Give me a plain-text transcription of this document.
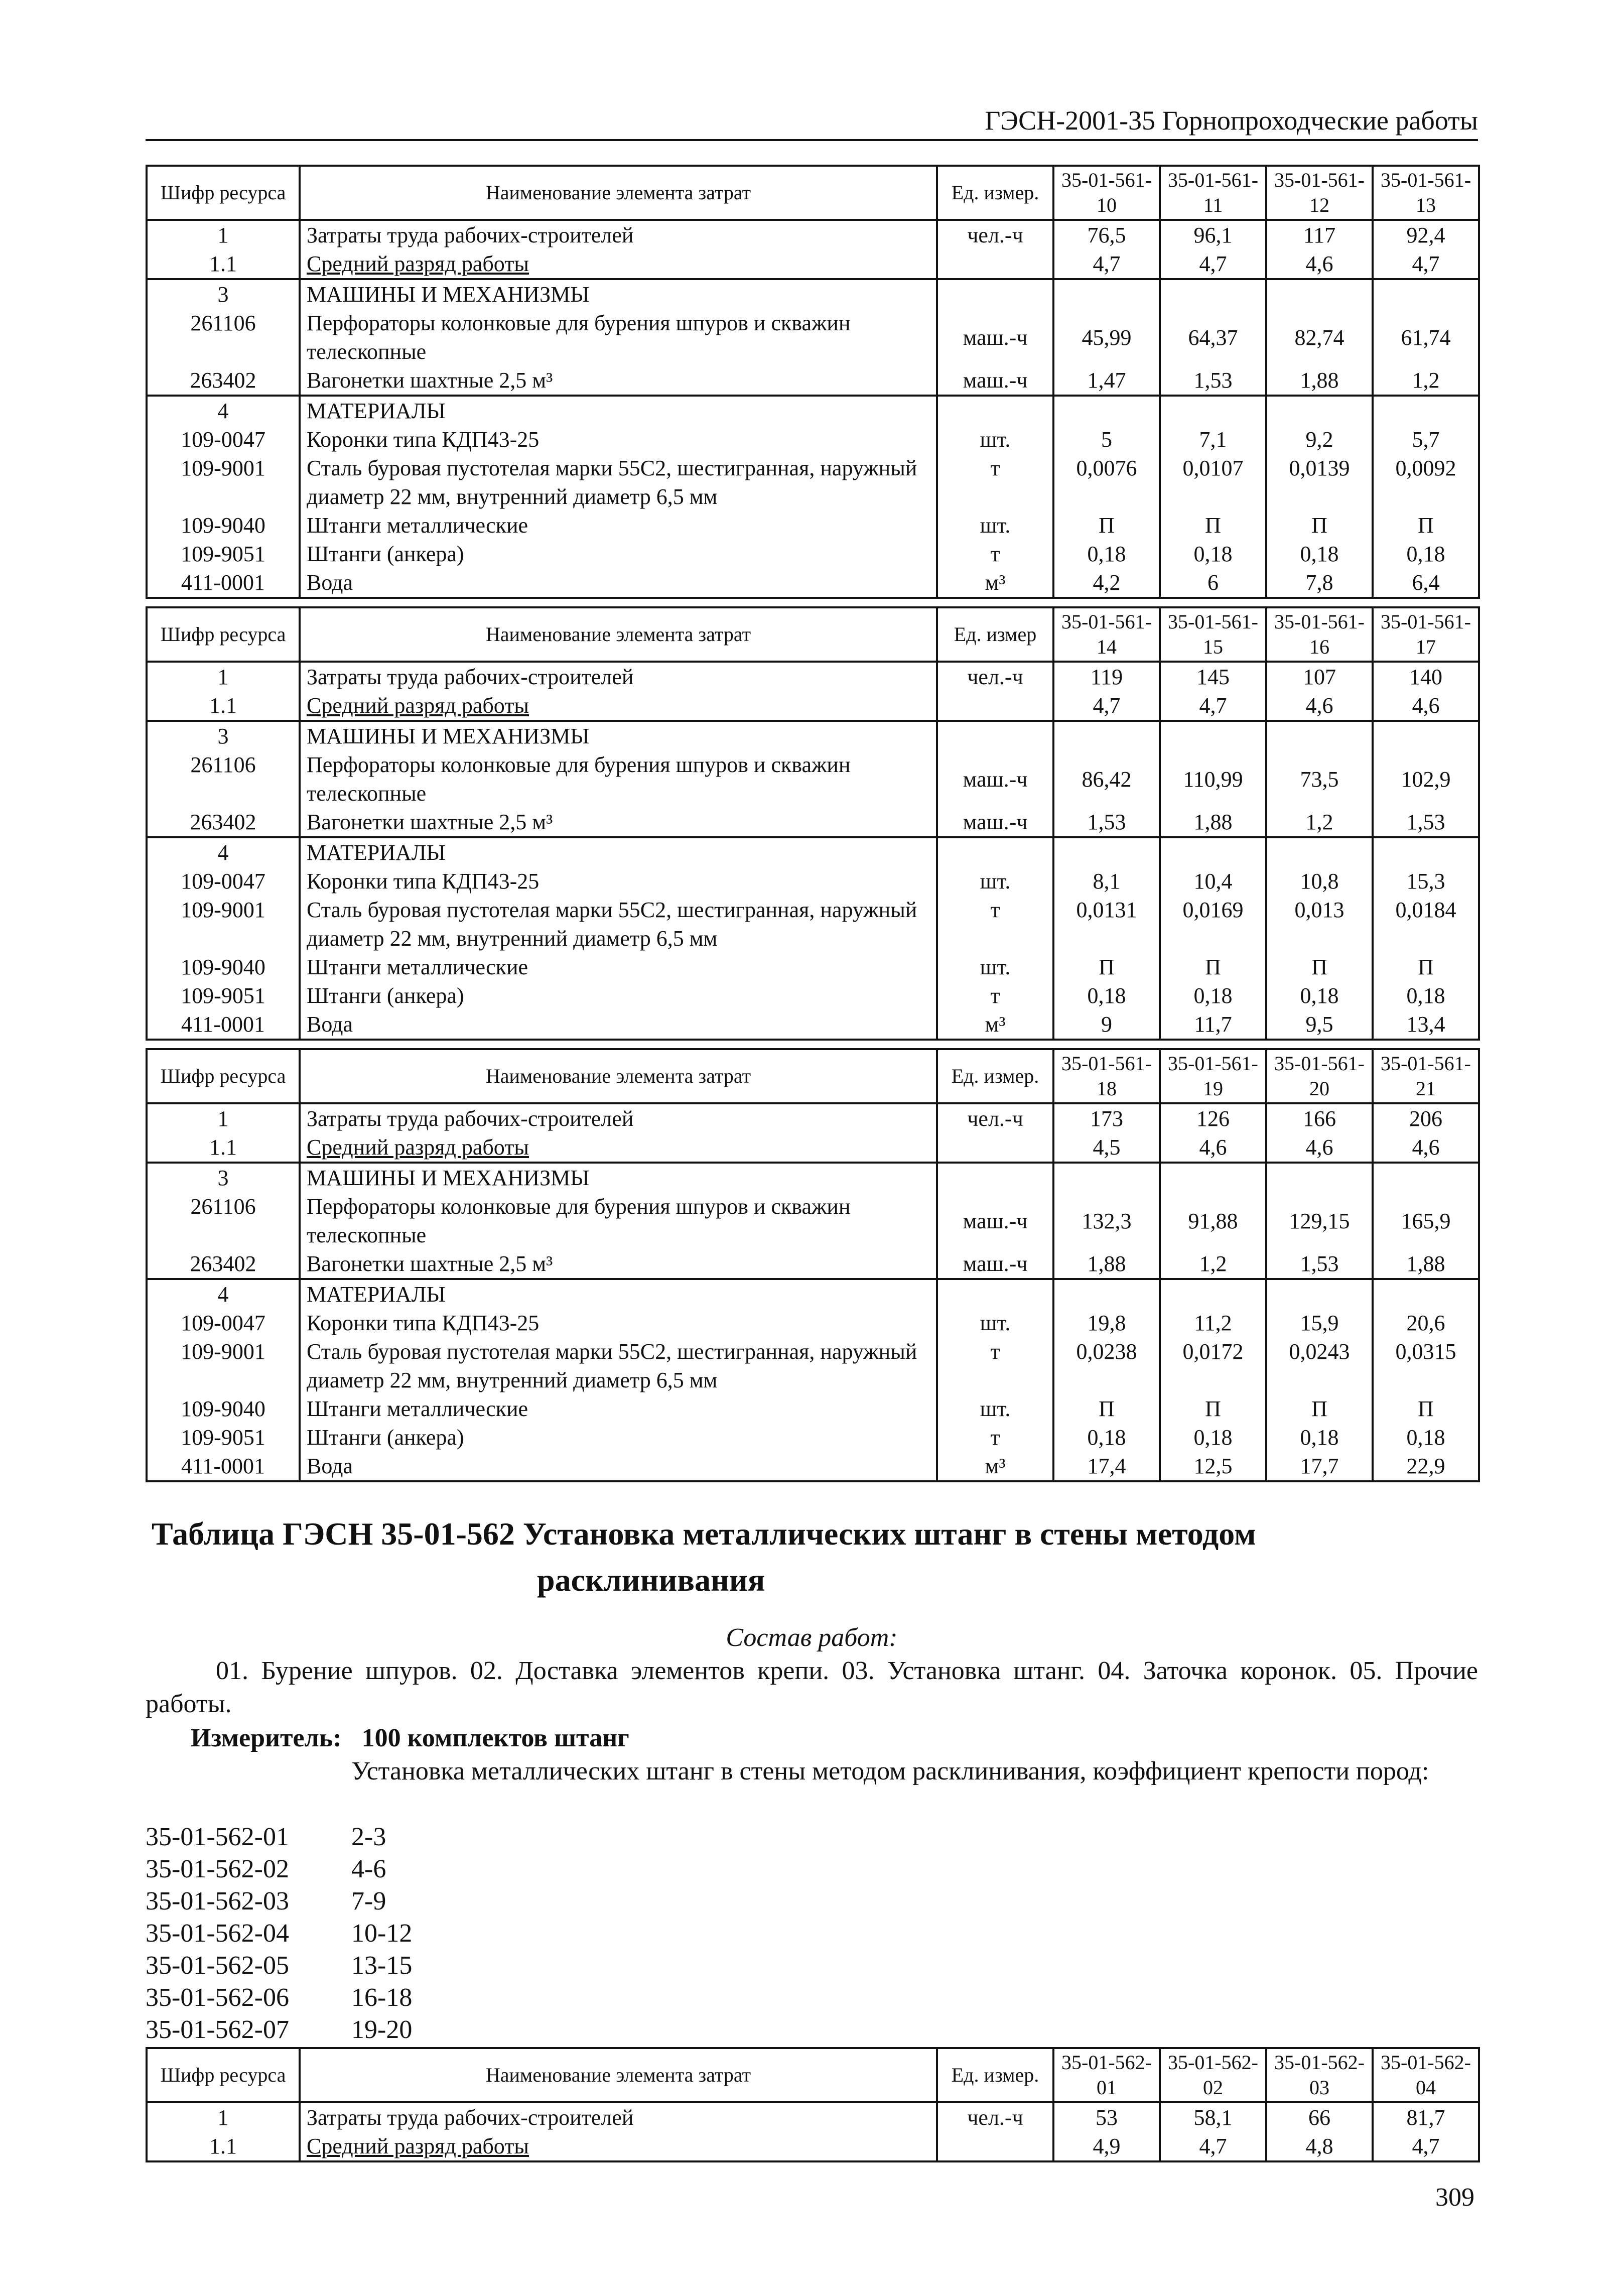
ГЭСН-2001-35 Горнопроходческие работы
Шифр ресурса	Наименование элемента затрат	Ед. измер.	35-01-561-10	35-01-561-11	35-01-561-12	35-01-561-13
1	Затраты труда рабочих-строителей	чел.-ч	76,5	96,1	117	92,4
1.1	Средний разряд работы		4,7	4,7	4,6	4,7
3	МАШИНЫ И МЕХАНИЗМЫ					
261106	Перфораторы колонковые для бурения шпуров и скважин телескопные	маш.-ч	45,99	64,37	82,74	61,74
263402	Вагонетки шахтные 2,5 м³	маш.-ч	1,47	1,53	1,88	1,2
4	МАТЕРИАЛЫ					
109-0047	Коронки типа КДП43-25	шт.	5	7,1	9,2	5,7
109-9001	Сталь буровая пустотелая марки 55С2, шестигранная, наружный диаметр 22 мм, внутренний диаметр 6,5 мм	т	0,0076	0,0107	0,0139	0,0092
109-9040	Штанги металлические	шт.	П	П	П	П
109-9051	Штанги (анкера)	т	0,18	0,18	0,18	0,18
411-0001	Вода	м³	4,2	6	7,8	6,4
Шифр ресурса	Наименование элемента затрат	Ед. измер	35-01-561-14	35-01-561-15	35-01-561-16	35-01-561-17
1	Затраты труда рабочих-строителей	чел.-ч	119	145	107	140
1.1	Средний разряд работы		4,7	4,7	4,6	4,6
3	МАШИНЫ И МЕХАНИЗМЫ					
261106	Перфораторы колонковые для бурения шпуров и скважин телескопные	маш.-ч	86,42	110,99	73,5	102,9
263402	Вагонетки шахтные 2,5 м³	маш.-ч	1,53	1,88	1,2	1,53
4	МАТЕРИАЛЫ					
109-0047	Коронки типа КДП43-25	шт.	8,1	10,4	10,8	15,3
109-9001	Сталь буровая пустотелая марки 55С2, шестигранная, наружный диаметр 22 мм, внутренний диаметр 6,5 мм	т	0,0131	0,0169	0,013	0,0184
109-9040	Штанги металлические	шт.	П	П	П	П
109-9051	Штанги (анкера)	т	0,18	0,18	0,18	0,18
411-0001	Вода	м³	9	11,7	9,5	13,4
Шифр ресурса	Наименование элемента затрат	Ед. измер.	35-01-561-18	35-01-561-19	35-01-561-20	35-01-561-21
1	Затраты труда рабочих-строителей	чел.-ч	173	126	166	206
1.1	Средний разряд работы		4,5	4,6	4,6	4,6
3	МАШИНЫ И МЕХАНИЗМЫ					
261106	Перфораторы колонковые для бурения шпуров и скважин телескопные	маш.-ч	132,3	91,88	129,15	165,9
263402	Вагонетки шахтные 2,5 м³	маш.-ч	1,88	1,2	1,53	1,88
4	МАТЕРИАЛЫ					
109-0047	Коронки типа КДП43-25	шт.	19,8	11,2	15,9	20,6
109-9001	Сталь буровая пустотелая марки 55С2, шестигранная, наружный диаметр 22 мм, внутренний диаметр 6,5 мм	т	0,0238	0,0172	0,0243	0,0315
109-9040	Штанги металлические	шт.	П	П	П	П
109-9051	Штанги (анкера)	т	0,18	0,18	0,18	0,18
411-0001	Вода	м³	17,4	12,5	17,7	22,9
Таблица ГЭСН 35-01-562 Установка металлических штанг в стены методом
расклинивания
Состав работ:
01. Бурение шпуров. 02. Доставка элементов крепи. 03. Установка штанг. 04. Заточка коронок. 05. Прочие работы.
Измеритель: 100 комплектов штанг
Установка металлических штанг в стены методом расклинивания, коэффициент крепости пород:
35-01-562-01	2-3
35-01-562-02	4-6
35-01-562-03	7-9
35-01-562-04	10-12
35-01-562-05	13-15
35-01-562-06	16-18
35-01-562-07	19-20
Шифр ресурса	Наименование элемента затрат	Ед. измер.	35-01-562-01	35-01-562-02	35-01-562-03	35-01-562-04
1	Затраты труда рабочих-строителей	чел.-ч	53	58,1	66	81,7
1.1	Средний разряд работы		4,9	4,7	4,8	4,7
309
